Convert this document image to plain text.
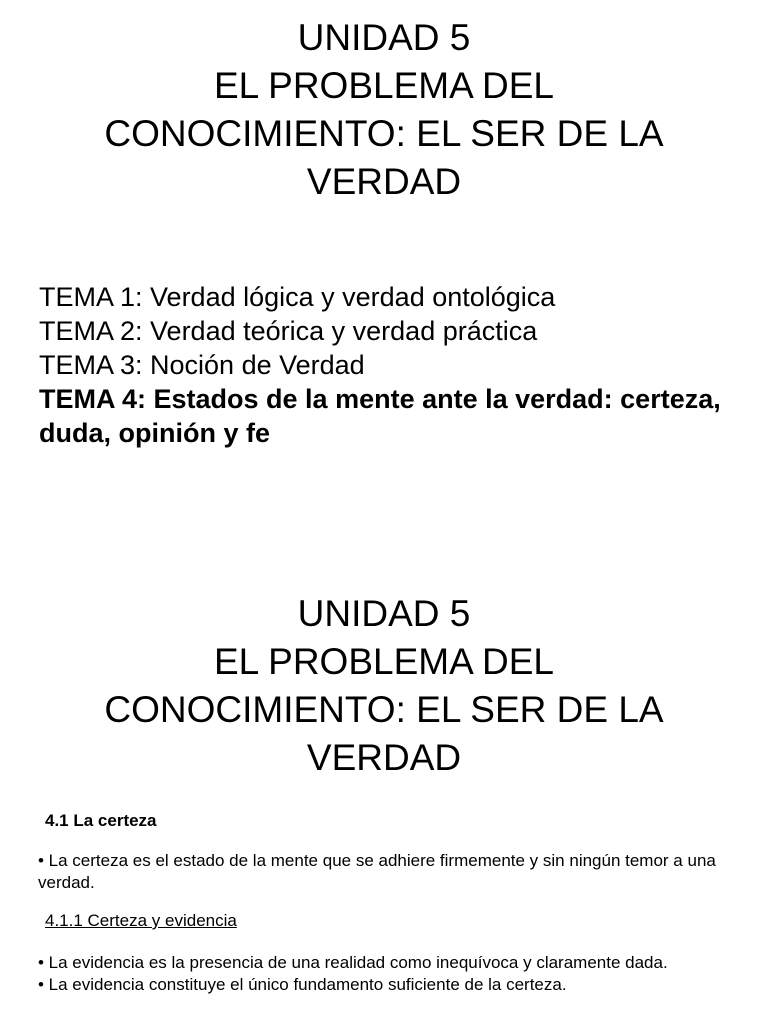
UNIDAD 5
EL PROBLEMA DEL
CONOCIMIENTO: EL SER DE LA
VERDAD
TEMA 1: Verdad lógica y verdad ontológica
TEMA 2: Verdad teórica y verdad práctica
TEMA 3: Noción de Verdad
TEMA 4: Estados de la mente ante la verdad: certeza, duda, opinión y fe
UNIDAD 5
EL PROBLEMA DEL
CONOCIMIENTO: EL SER DE LA
VERDAD

4.1 La certeza

• La certeza es el estado de la mente que se adhiere firmemente y sin ningún temor a una verdad.

4.1.1 Certeza y evidencia

• La evidencia es la presencia de una realidad como inequívoca y claramente dada.

• La evidencia constituye el único fundamento suficiente de la certeza.
